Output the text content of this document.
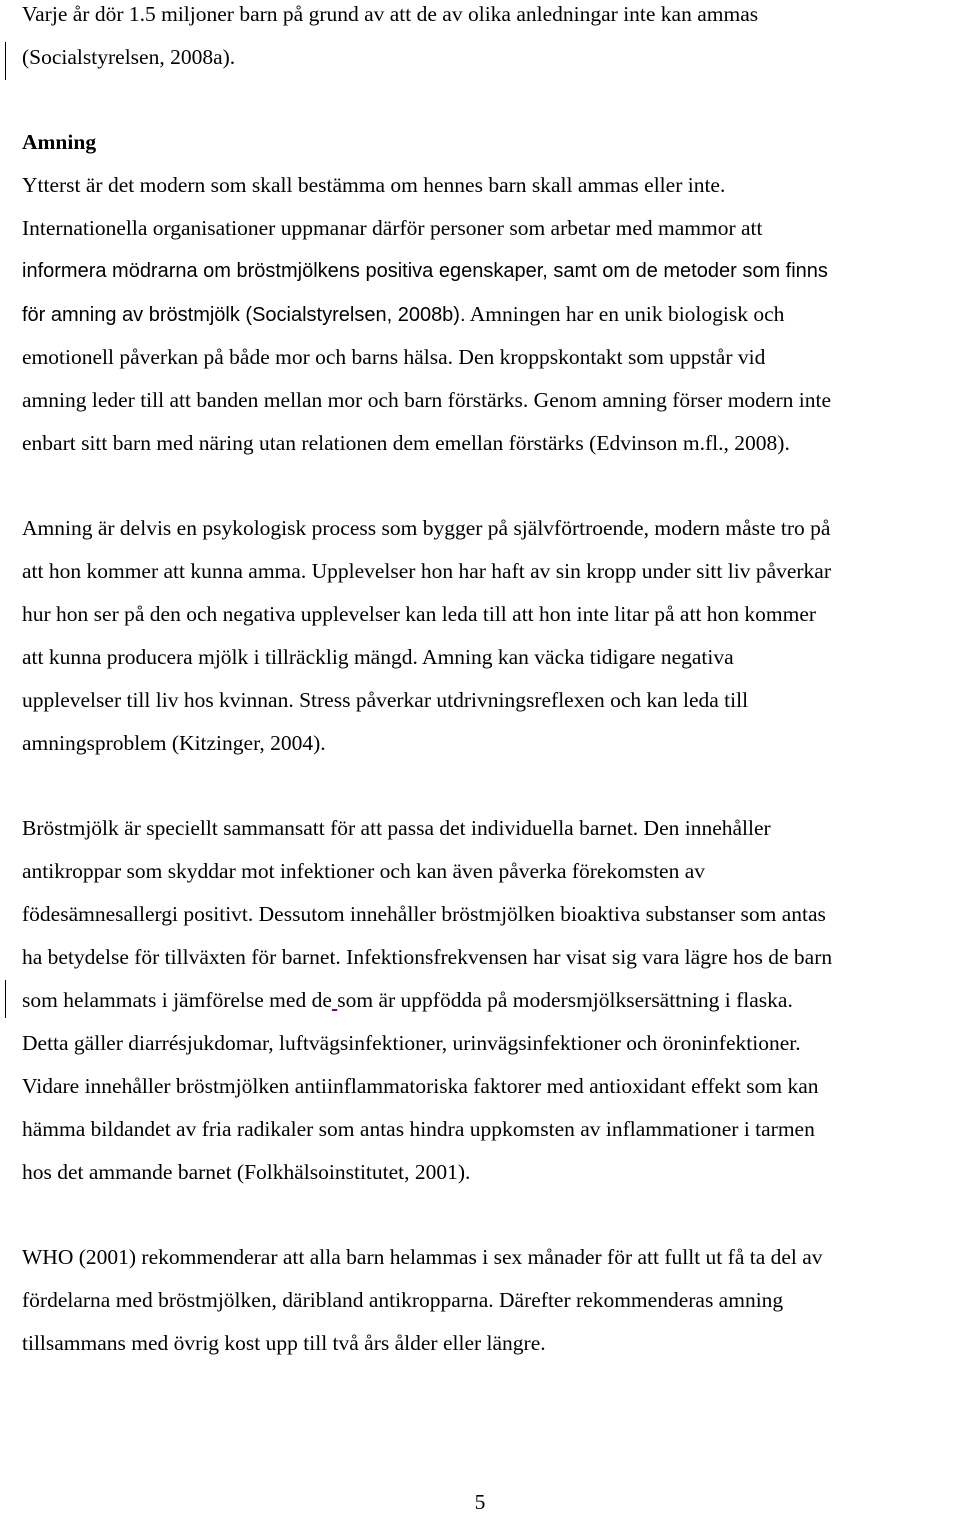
Varje år dör 1.5 miljoner barn på grund av att de av olika anledningar inte kan ammas
(Socialstyrelsen, 2008a).
Amning
Ytterst är det modern som skall bestämma om hennes barn skall ammas eller inte.
Internationella organisationer uppmanar därför personer som arbetar med mammor att
informera mödrarna om bröstmjölkens positiva egenskaper, samt om de metoder som finns
för amning av bröstmjölk (Socialstyrelsen, 2008b). Amningen har en unik biologisk och
emotionell påverkan på både mor och barns hälsa. Den kroppskontakt som uppstår vid
amning leder till att banden mellan mor och barn förstärks. Genom amning förser modern inte
enbart sitt barn med näring utan relationen dem emellan förstärks (Edvinson m.fl., 2008).
Amning är delvis en psykologisk process som bygger på självförtroende, modern måste tro på
att hon kommer att kunna amma. Upplevelser hon har haft av sin kropp under sitt liv påverkar
hur hon ser på den och negativa upplevelser kan leda till att hon inte litar på att hon kommer
att kunna producera mjölk i tillräcklig mängd. Amning kan väcka tidigare negativa
upplevelser till liv hos kvinnan. Stress påverkar utdrivningsreflexen och kan leda till
amningsproblem (Kitzinger, 2004).
Bröstmjölk är speciellt sammansatt för att passa det individuella barnet. Den innehåller
antikroppar som skyddar mot infektioner och kan även påverka förekomsten av
födesämnesallergi positivt. Dessutom innehåller bröstmjölken bioaktiva substanser som antas
ha betydelse för tillväxten för barnet. Infektionsfrekvensen har visat sig vara lägre hos de barn
som helammats i jämförelse med de som är uppfödda på modersmjölksersättning i flaska.
Detta gäller diarrésjukdomar, luftvägsinfektioner, urinvägsinfektioner och öroninfektioner.
Vidare innehåller bröstmjölken antiinflammatoriska faktorer med antioxidant effekt som kan
hämma bildandet av fria radikaler som antas hindra uppkomsten av inflammationer i tarmen
hos det ammande barnet (Folkhälsoinstitutet, 2001).
WHO (2001) rekommenderar att alla barn helammas i sex månader för att fullt ut få ta del av
fördelarna med bröstmjölken, däribland antikropparna. Därefter rekommenderas amning
tillsammans med övrig kost upp till två års ålder eller längre.
5
